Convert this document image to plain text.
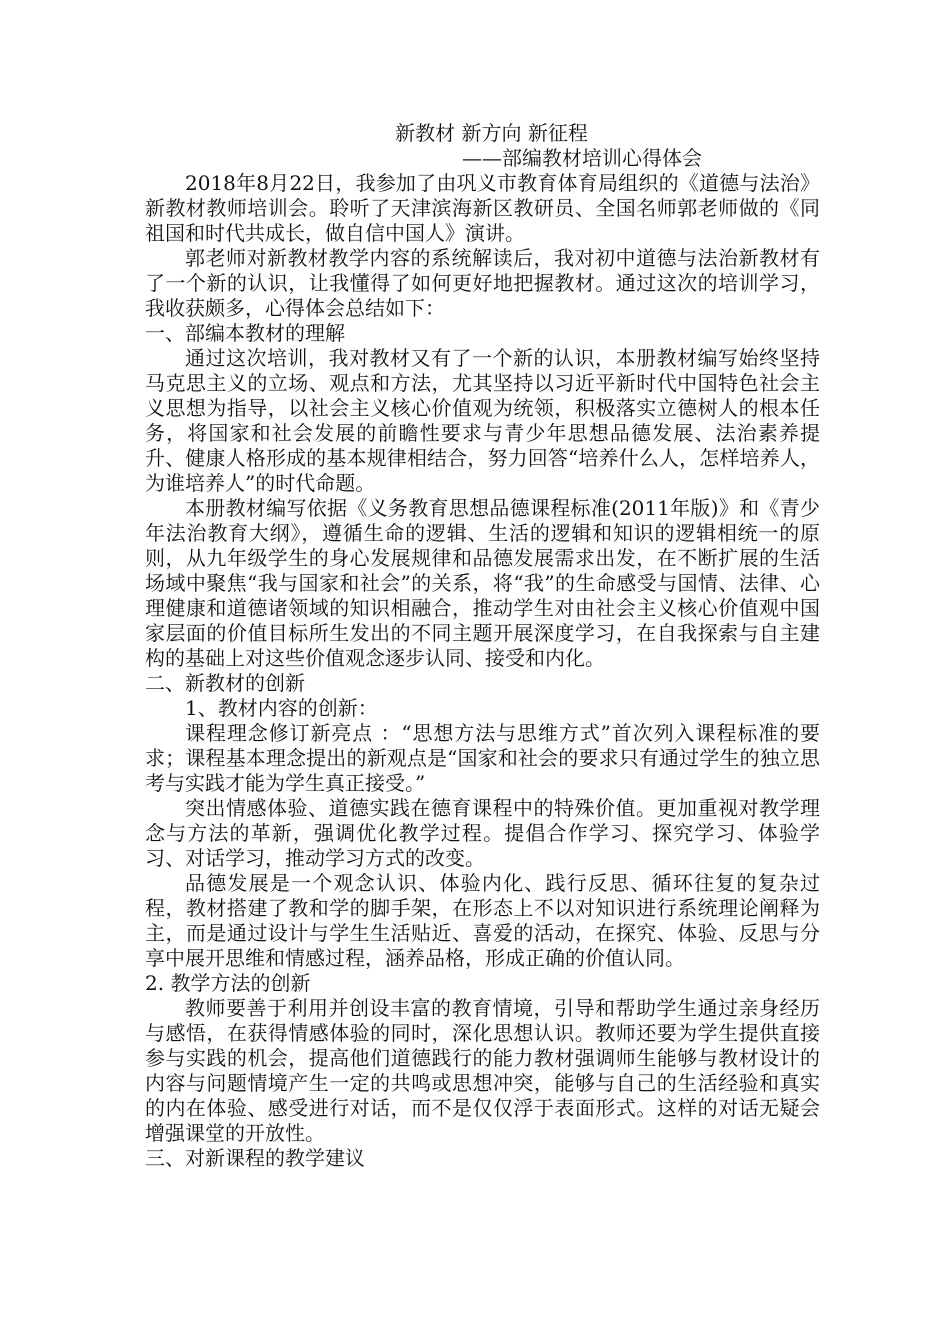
新教材 新方向 新征程

——部编教材培训心得体会

2018年8月22日，我参加了由巩义市教育体育局组织的《道德与法治》新教材教师培训会。聆听了天津滨海新区教研员、全国名师郭老师做的《同祖国和时代共成长，做自信中国人》演讲。

郭老师对新教材教学内容的系统解读后，我对初中道德与法治新教材有了一个新的认识，让我懂得了如何更好地把握教材。通过这次的培训学习，我收获颇多，心得体会总结如下：

一、部编本教材的理解

通过这次培训，我对教材又有了一个新的认识，本册教材编写始终坚持马克思主义的立场、观点和方法，尤其坚持以习近平新时代中国特色社会主义思想为指导，以社会主义核心价值观为统领，积极落实立德树人的根本任务，将国家和社会发展的前瞻性要求与青少年思想品德发展、法治素养提升、健康人格形成的基本规律相结合，努力回答“培养什么人，怎样培养人，为谁培养人”的时代命题。

本册教材编写依据《义务教育思想品德课程标准(2011年版)》和《青少年法治教育大纲》，遵循生命的逻辑、生活的逻辑和知识的逻辑相统一的原则，从九年级学生的身心发展规律和品德发展需求出发，在不断扩展的生活场域中聚焦“我与国家和社会”的关系，将“我”的生命感受与国情、法律、心理健康和道德诸领域的知识相融合，推动学生对由社会主义核心价值观中国家层面的价值目标所生发出的不同主题开展深度学习，在自我探索与自主建构的基础上对这些价值观念逐步认同、接受和内化。

二、新教材的创新

1、教材内容的创新：

课程理念修订新亮点 ：“思想方法与思维方式”首次列入课程标准的要求；课程基本理念提出的新观点是“国家和社会的要求只有通过学生的独立思考与实践才能为学生真正接受。”

突出情感体验、道德实践在德育课程中的特殊价值。更加重视对教学理念与方法的革新，强调优化教学过程。提倡合作学习、探究学习、体验学习、对话学习，推动学习方式的改变。

品德发展是一个观念认识、体验内化、践行反思、循环往复的复杂过程，教材搭建了教和学的脚手架，在形态上不以对知识进行系统理论阐释为主，而是通过设计与学生生活贴近、喜爱的活动，在探究、体验、反思与分享中展开思维和情感过程，涵养品格，形成正确的价值认同。

2. 教学方法的创新

教师要善于利用并创设丰富的教育情境，引导和帮助学生通过亲身经历与感悟，在获得情感体验的同时，深化思想认识。教师还要为学生提供直接参与实践的机会，提高他们道德践行的能力教材强调师生能够与教材设计的内容与问题情境产生一定的共鸣或思想冲突，能够与自己的生活经验和真实的内在体验、感受进行对话，而不是仅仅浮于表面形式。这样的对话无疑会增强课堂的开放性。

三、对新课程的教学建议
